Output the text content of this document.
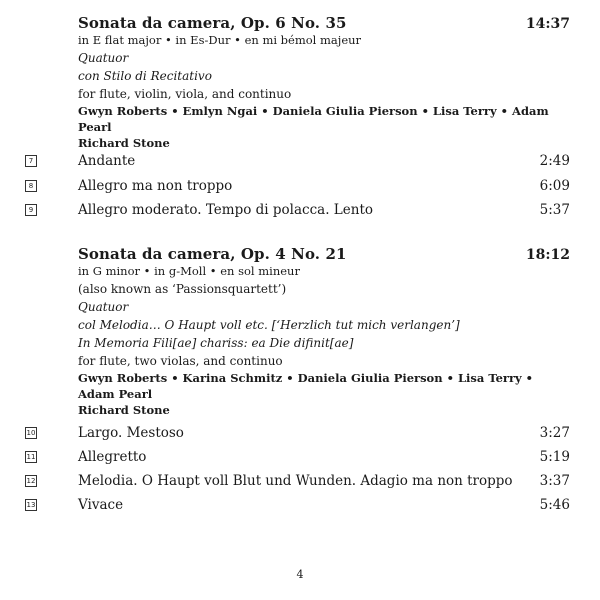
Sonata da camera, Op. 6 No. 35	14:37
in E flat major • in Es-Dur • en mi bémol majeur
Quatuor
con Stilo di Recitativo
for flute, violin, viola, and continuo
Gwyn Roberts • Emlyn Ngai • Daniela Giulia Pierson • Lisa Terry • Adam Pearl
Richard Stone
7	Andante	2:49
8	Allegro ma non troppo	6:09
9	Allegro moderato. Tempo di polacca. Lento	5:37
Sonata da camera, Op. 4 No. 21	18:12
in G minor • in g-Moll • en sol mineur
(also known as ‘Passionsquartett’)
Quatuor
col Melodia… O Haupt voll etc. [‘Herzlich tut mich verlangen’]
In Memoria Fili[ae] chariss: ea Die difinit[ae]
for flute, two violas, and continuo
Gwyn Roberts • Karina Schmitz • Daniela Giulia Pierson • Lisa Terry • Adam Pearl
Richard Stone
10	Largo. Mestoso	3:27
11	Allegretto	5:19
12	Melodia. O Haupt voll Blut und Wunden. Adagio ma non troppo 3:37
13	Vivace	5:46
4
